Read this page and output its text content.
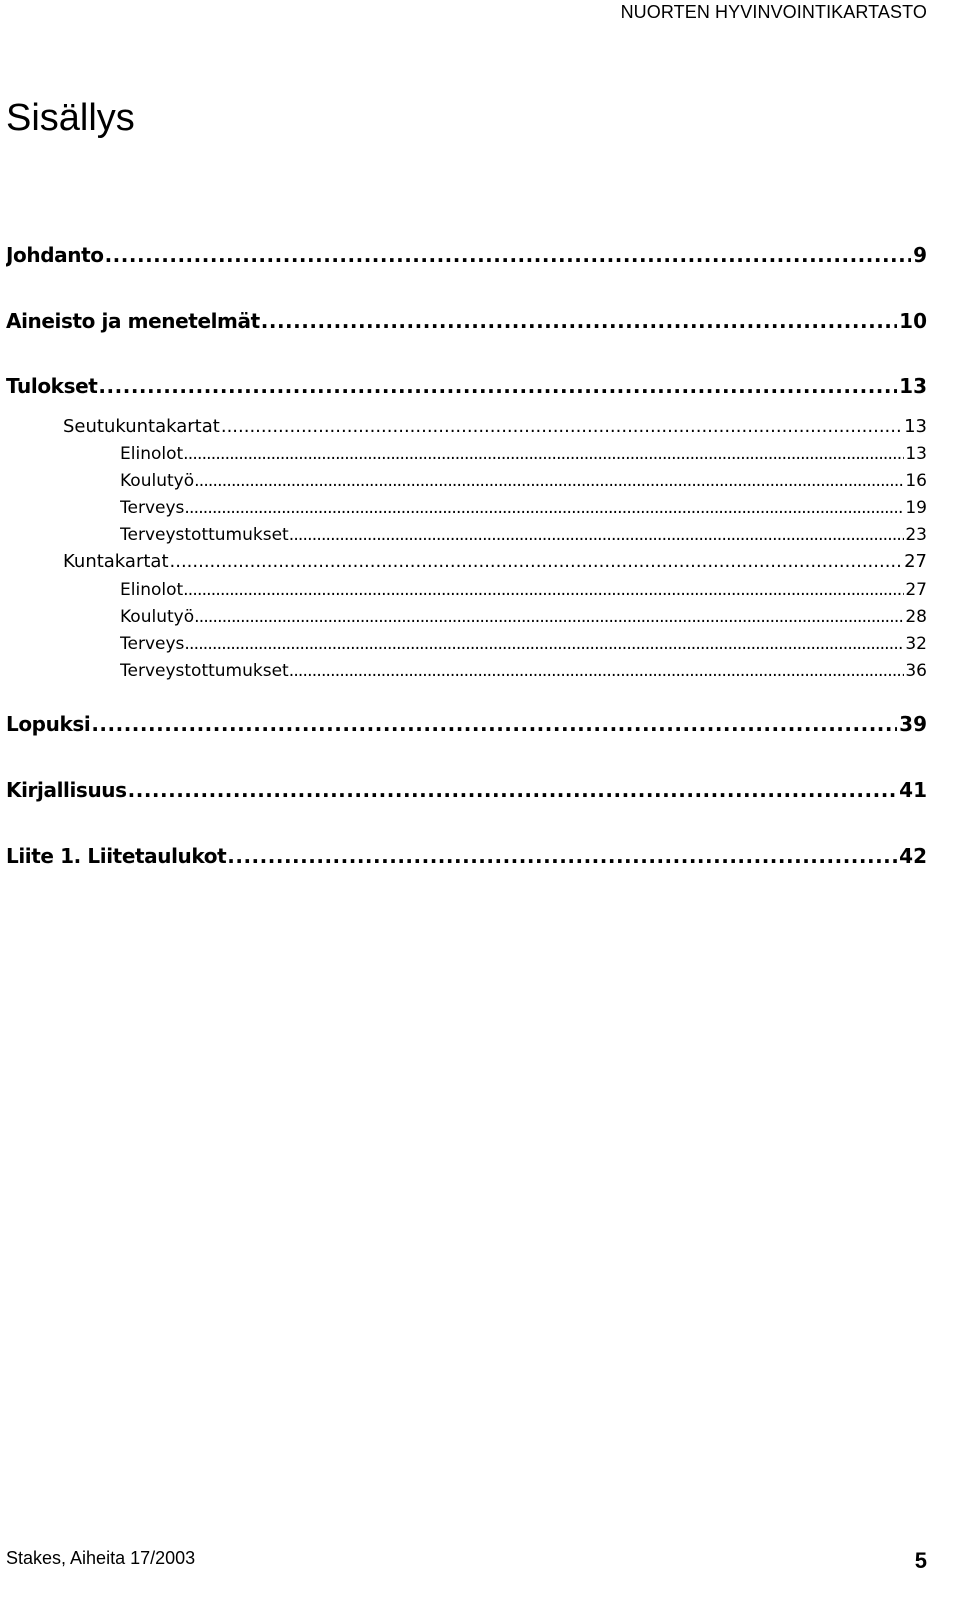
NUORTEN HYVINVOINTIKARTASTO
Sisällys
Johdanto .....	9
Aineisto ja menetelmät .....	10
Tulokset .....	13
Seutukuntakartat .....	13
Elinolot .....	13
Koulutyö .....	16
Terveys .....	19
Terveystottumukset .....	23
Kuntakartat .....	27
Elinolot .....	27
Koulutyö .....	28
Terveys .....	32
Terveystottumukset .....	36
Lopuksi .....	39
Kirjallisuus .....	41
Liite 1. Liitetaulukot .....	42
Stakes, Aiheita 17/2003	5
